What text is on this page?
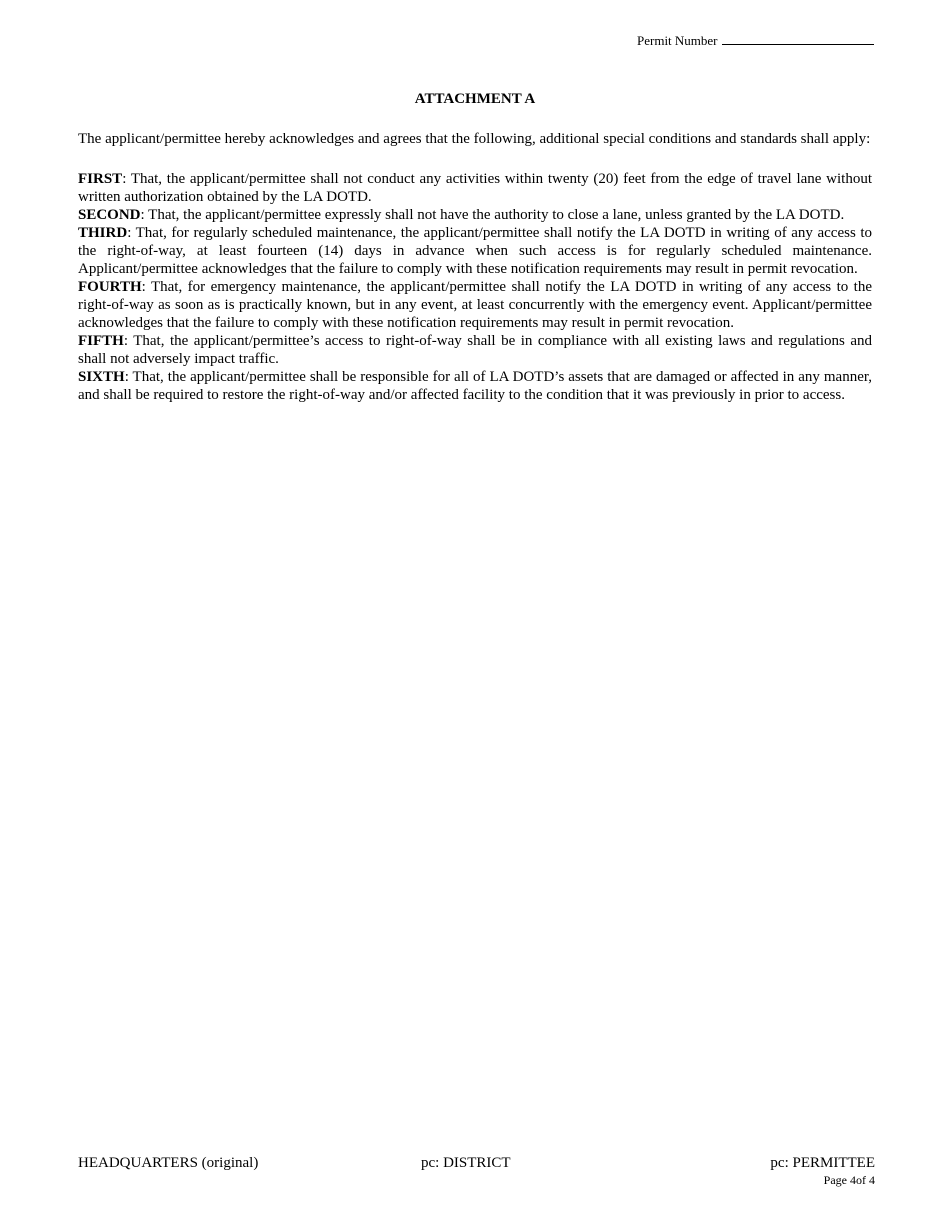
Permit Number
ATTACHMENT A

The applicant/permittee hereby acknowledges and agrees that the following, additional special conditions and standards shall apply:

FIRST: That, the applicant/permittee shall not conduct any activities within twenty (20) feet from the edge of travel lane without written authorization obtained by the LA DOTD.

SECOND: That, the applicant/permittee expressly shall not have the authority to close a lane, unless granted by the LA DOTD.

THIRD: That, for regularly scheduled maintenance, the applicant/permittee shall notify the LA DOTD in writing of any access to the right-of-way, at least fourteen (14) days in advance when such access is for regularly scheduled maintenance. Applicant/permittee acknowledges that the failure to comply with these notification requirements may result in permit revocation.

FOURTH: That, for emergency maintenance, the applicant/permittee shall notify the LA DOTD in writing of any access to the right-of-way as soon as is practically known, but in any event, at least concurrently with the emergency event. Applicant/permittee acknowledges that the failure to comply with these notification requirements may result in permit revocation.

FIFTH: That, the applicant/permittee’s access to right-of-way shall be in compliance with all existing laws and regulations and shall not adversely impact traffic.

SIXTH: That, the applicant/permittee shall be responsible for all of LA DOTD’s assets that are damaged or affected in any manner, and shall be required to restore the right-of-way and/or affected facility to the condition that it was previously in prior to access.

HEADQUARTERS (original)	pc: DISTRICT	pc: PERMITTEE
Page 4of 4
